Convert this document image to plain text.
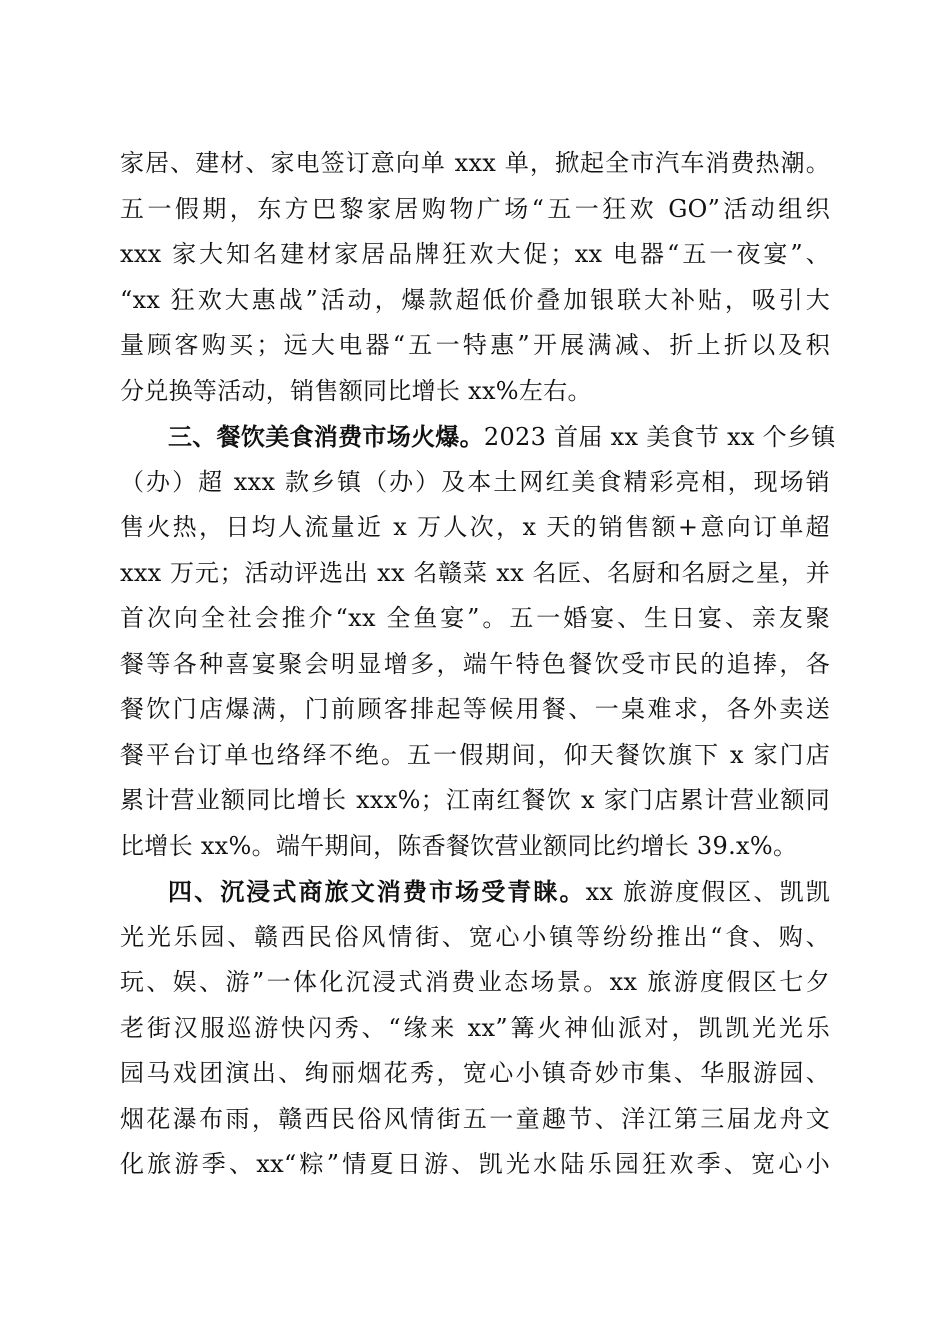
家居、建材、家电签订意向单 xxx 单，掀起全市汽车消费热潮。
五一假期，东方巴黎家居购物广场“五一狂欢 GO”活动组织
xxx 家大知名建材家居品牌狂欢大促；xx 电器“五一夜宴”、
“xx 狂欢大惠战”活动，爆款超低价叠加银联大补贴，吸引大
量顾客购买；远大电器“五一特惠”开展满减、折上折以及积
分兑换等活动，销售额同比增长 xx%左右。
三、餐饮美食消费市场火爆。2023 首届 xx 美食节 xx 个乡镇
（办）超 xxx 款乡镇（办）及本土网红美食精彩亮相，现场销
售火热，日均人流量近 x 万人次，x 天的销售额+意向订单超
xxx 万元；活动评选出 xx 名赣菜 xx 名匠、名厨和名厨之星，并
首次向全社会推介“xx 全鱼宴”。五一婚宴、生日宴、亲友聚
餐等各种喜宴聚会明显增多，端午特色餐饮受市民的追捧，各
餐饮门店爆满，门前顾客排起等候用餐、一桌难求，各外卖送
餐平台订单也络绎不绝。五一假期间，仰天餐饮旗下 x 家门店
累计营业额同比增长 xxx%；江南红餐饮 x 家门店累计营业额同
比增长 xx%。端午期间，陈香餐饮营业额同比约增长 39.x%。
四、沉浸式商旅文消费市场受青睐。xx 旅游度假区、凯凯
光光乐园、赣西民俗风情街、宽心小镇等纷纷推出“食、购、
玩、娱、游”一体化沉浸式消费业态场景。xx 旅游度假区七夕
老街汉服巡游快闪秀、“缘来 xx”篝火神仙派对，凯凯光光乐
园马戏团演出、绚丽烟花秀，宽心小镇奇妙市集、华服游园、
烟花瀑布雨，赣西民俗风情街五一童趣节、洋江第三届龙舟文
化旅游季、xx“粽”情夏日游、凯光水陆乐园狂欢季、宽心小
